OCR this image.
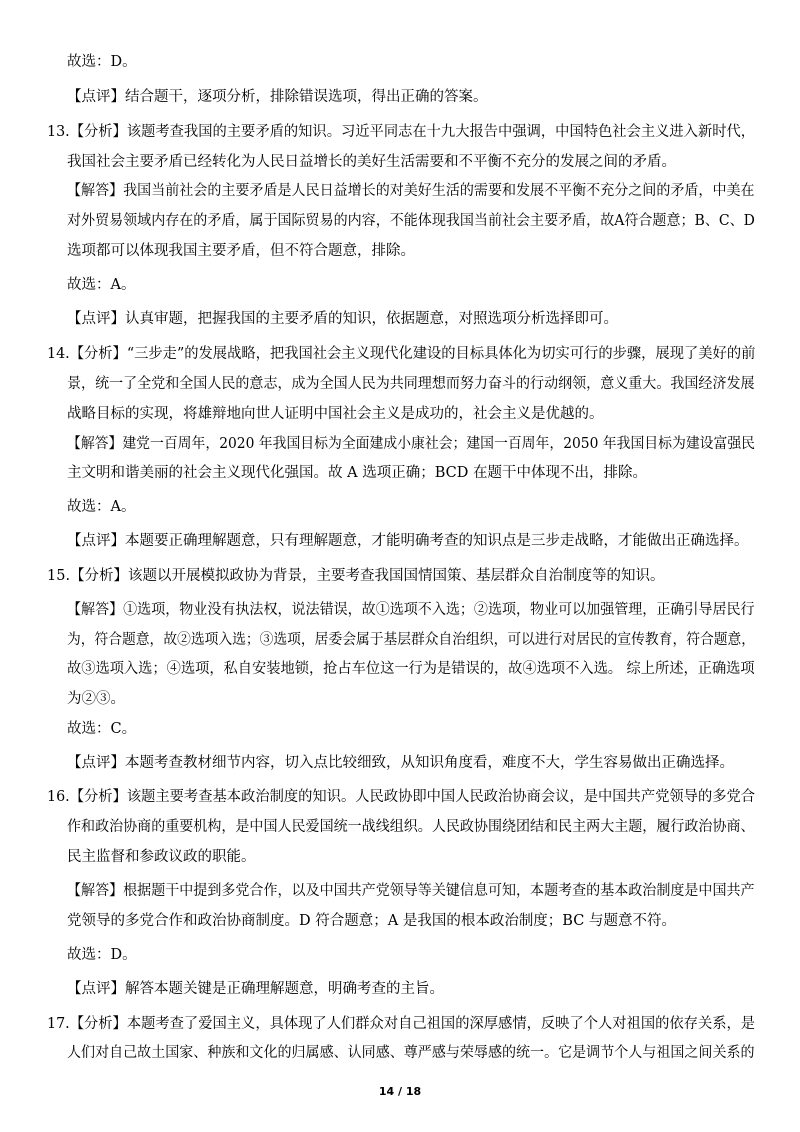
故选：D。
【点评】结合题干，逐项分析，排除错误选项，得出正确的答案。
13.【分析】该题考查我国的主要矛盾的知识。习近平同志在十九大报告中强调，中国特色社会主义进入新时代，
我国社会主要矛盾已经转化为人民日益增长的美好生活需要和不平衡不充分的发展之间的矛盾。
【解答】我国当前社会的主要矛盾是人民日益增长的对美好生活的需要和发展不平衡不充分之间的矛盾，中美在
对外贸易领域内存在的矛盾，属于国际贸易的内容，不能体现我国当前社会主要矛盾，故A符合题意；B、C、D
选项都可以体现我国主要矛盾，但不符合题意，排除。
故选：A。
【点评】认真审题，把握我国的主要矛盾的知识，依据题意，对照选项分析选择即可。
14.【分析】“三步走”的发展战略，把我国社会主义现代化建设的目标具体化为切实可行的步骤，展现了美好的前
景，统一了全党和全国人民的意志，成为全国人民为共同理想而努力奋斗的行动纲领，意义重大。我国经济发展
战略目标的实现，将雄辩地向世人证明中国社会主义是成功的，社会主义是优越的。
【解答】建党一百周年，2020 年我国目标为全面建成小康社会；建国一百周年，2050 年我国目标为建设富强民
主文明和谐美丽的社会主义现代化强国。故 A 选项正确；BCD 在题干中体现不出，排除。
故选：A。
【点评】本题要正确理解题意，只有理解题意，才能明确考查的知识点是三步走战略，才能做出正确选择。
15.【分析】该题以开展模拟政协为背景，主要考查我国国情国策、基层群众自治制度等的知识。
【解答】①选项，物业没有执法权，说法错误，故①选项不入选；②选项，物业可以加强管理，正确引导居民行
为，符合题意，故②选项入选；③选项，居委会属于基层群众自治组织，可以进行对居民的宣传教育，符合题意，
故③选项入选；④选项，私自安装地锁，抢占车位这一行为是错误的，故④选项不入选。 综上所述，正确选项
为②③。
故选：C。
【点评】本题考查教材细节内容，切入点比较细致，从知识角度看，难度不大，学生容易做出正确选择。
16.【分析】该题主要考查基本政治制度的知识。人民政协即中国人民政治协商会议，是中国共产党领导的多党合
作和政治协商的重要机构，是中国人民爱国统一战线组织。人民政协围绕团结和民主两大主题，履行政治协商、
民主监督和参政议政的职能。
【解答】根据题干中提到多党合作，以及中国共产党领导等关键信息可知，本题考查的基本政治制度是中国共产
党领导的多党合作和政治协商制度。D 符合题意；A 是我国的根本政治制度；BC 与题意不符。
故选：D。
【点评】解答本题关键是正确理解题意，明确考查的主旨。
17.【分析】本题考查了爱国主义，具体现了人们群众对自己祖国的深厚感情，反映了个人对祖国的依存关系，是
人们对自己故土国家、种族和文化的归属感、认同感、尊严感与荣辱感的统一。它是调节个人与祖国之间关系的
14 / 18
